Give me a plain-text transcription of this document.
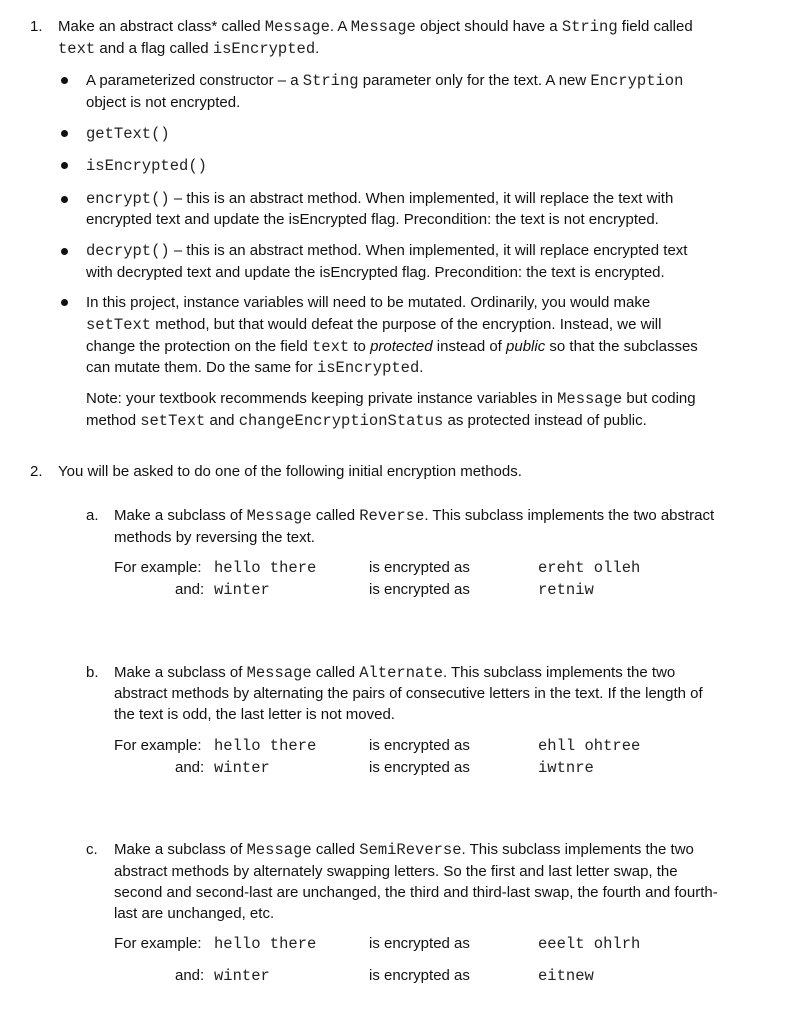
1. Make an abstract class* called Message. A Message object should have a String field called
text and a flag called isEncrypted.
A parameterized constructor – a String parameter only for the text. A new Encryption
object is not encrypted.
getText()
isEncrypted()
encrypt() – this is an abstract method. When implemented, it will replace the text with
encrypted text and update the isEncrypted flag. Precondition: the text is not encrypted.
decrypt() – this is an abstract method. When implemented, it will replace encrypted text
with decrypted text and update the isEncrypted flag. Precondition: the text is encrypted.
In this project, instance variables will need to be mutated. Ordinarily, you would make
setText method, but that would defeat the purpose of the encryption. Instead, we will
change the protection on the field text to protected instead of public so that the subclasses
can mutate them. Do the same for isEncrypted.
Note: your textbook recommends keeping private instance variables in Message but coding
method setText and changeEncryptionStatus as protected instead of public.
2. You will be asked to do one of the following initial encryption methods.
a. Make a subclass of Message called Reverse. This subclass implements the two abstract
methods by reversing the text.
For example: hello there	is encrypted as	ereht olleh
and: winter	is encrypted as	retniw
b. Make a subclass of Message called Alternate. This subclass implements the two
abstract methods by alternating the pairs of consecutive letters in the text. If the length of
the text is odd, the last letter is not moved.
For example: hello there	is encrypted as	ehll ohtree
and: winter	is encrypted as	iwtnre
c. Make a subclass of Message called SemiReverse. This subclass implements the two
abstract methods by alternately swapping letters. So the first and last letter swap, the
second and second-last are unchanged, the third and third-last swap, the fourth and fourth-
last are unchanged, etc.
For example: hello there	is encrypted as	eeelt ohlrh
and: winter	is encrypted as	eitnew
